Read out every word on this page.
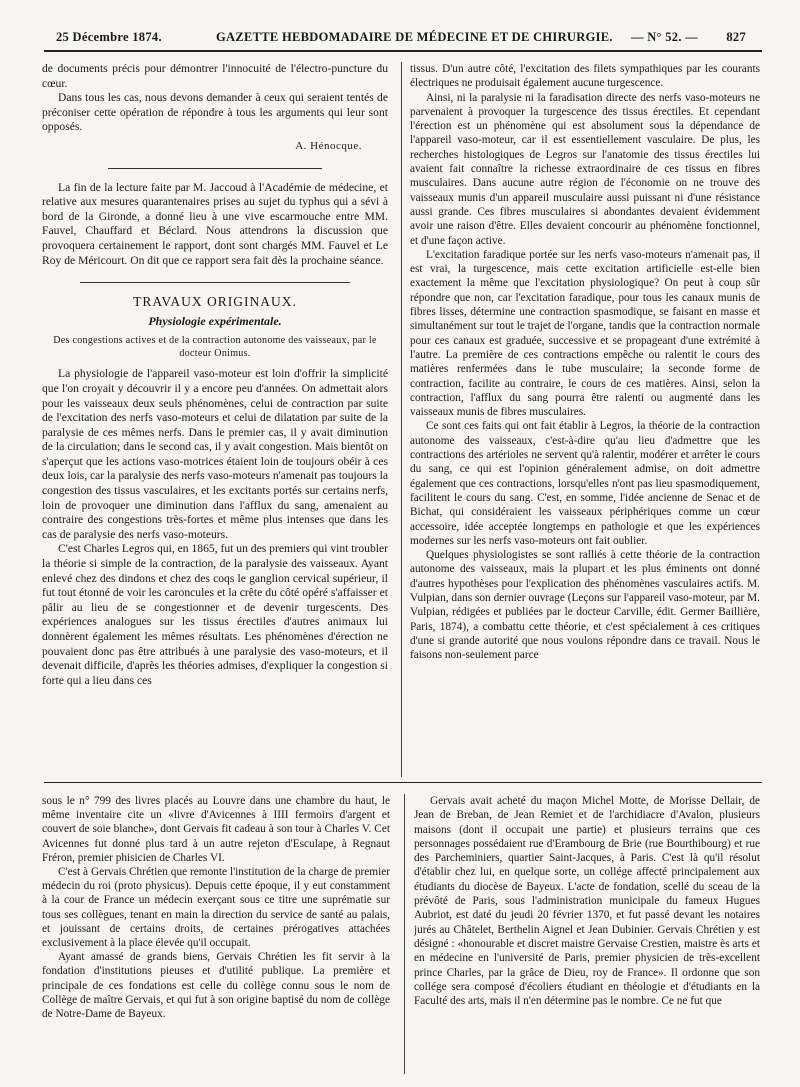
25 Décembre 1874.	GAZETTE HEBDOMADAIRE DE MÉDECINE ET DE CHIRURGIE. — N° 52. — 827

de documents précis pour démontrer l'innocuité de l'électro-puncture du cœur.

Dans tous les cas, nous devons demander à ceux qui seraient tentés de préconiser cette opération de répondre à tous les arguments qui leur sont opposés.

A. Hénocque.

La fin de la lecture faite par M. Jaccoud à l'Académie de médecine, et relative aux mesures quarantenaires prises au sujet du typhus qui a sévi à bord de la Gironde, a donné lieu à une vive escarmouche entre MM. Fauvel, Chauffard et Béclard. Nous attendrons la discussion que provoquera certainement le rapport, dont sont chargés MM. Fauvel et Le Roy de Méricourt. On dit que ce rapport sera fait dès la prochaine séance.

TRAVAUX ORIGINAUX.
Physiologie expérimentale.
Des congestions actives et de la contraction autonome des vaisseaux, par le docteur Onimus.

La physiologie de l'appareil vaso-moteur est loin d'offrir la simplicité que l'on croyait y découvrir il y a encore peu d'années. On admettait alors pour les vaisseaux deux seuls phénomènes, celui de contraction par suite de l'excitation des nerfs vaso-moteurs et celui de dilatation par suite de la paralysie de ces mêmes nerfs. Dans le premier cas, il y avait diminution de la circulation; dans le second cas, il y avait congestion. Mais bientôt on s'aperçut que les actions vaso-motrices étaient loin de toujours obéir à ces deux lois, car la paralysie des nerfs vaso-moteurs n'amenait pas toujours la congestion des tissus vasculaires, et les excitants portés sur certains nerfs, loin de provoquer une diminution dans l'afflux du sang, amenaient au contraire des congestions très-fortes et même plus intenses que dans les cas de paralysie des nerfs vaso-moteurs.

C'est Charles Legros qui, en 1865, fut un des premiers qui vint troubler la théorie si simple de la contraction, de la paralysie des vaisseaux. Ayant enlevé chez des dindons et chez des coqs le ganglion cervical supérieur, il fut tout étonné de voir les caroncules et la crête du côté opéré s'affaisser et pâlir au lieu de se congestionner et de devenir turgescents. Des expériences analogues sur les tissus érectiles d'autres animaux lui donnèrent également les mêmes résultats. Les phénomènes d'érection ne pouvaient donc pas être attribués à une paralysie des vaso-moteurs, et il devenait difficile, d'après les théories admises, d'expliquer la congestion si forte qui a lieu dans ces

tissus. D'un autre côté, l'excitation des filets sympathiques par les courants électriques ne produisait également aucune turgescence.

Ainsi, ni la paralysie ni la faradisation directe des nerfs vaso-moteurs ne parvenaient à provoquer la turgescence des tissus érectiles. Et cependant l'érection est un phénomène qui est absolument sous la dépendance de l'appareil vaso-moteur, car il est essentiellement vasculaire. De plus, les recherches histologiques de Legros sur l'anatomie des tissus érectiles lui avaient fait connaître la richesse extraordinaire de ces tissus en fibres musculaires. Dans aucune autre région de l'économie on ne trouve des vaisseaux munis d'un appareil musculaire aussi puissant ni d'une résistance aussi grande. Ces fibres musculaires si abondantes devaient évidemment avoir une raison d'être. Elles devaient concourir au phénomène fonctionnel, et d'une façon active.

L'excitation faradique portée sur les nerfs vaso-moteurs n'amenait pas, il est vrai, la turgescence, mais cette excitation artificielle est-elle bien exactement la même que l'excitation physiologique? On peut à coup sûr répondre que non, car l'excitation faradique, pour tous les canaux munis de fibres lisses, détermine une contraction spasmodique, se faisant en masse et simultanément sur tout le trajet de l'organe, tandis que la contraction normale pour ces canaux est graduée, successive et se propageant d'une extrémité à l'autre. La première de ces contractions empêche ou ralentit le cours des matières renfermées dans le tube musculaire; la seconde forme de contraction, facilite au contraire, le cours de ces matières. Ainsi, selon la contraction, l'afflux du sang pourra être ralenti ou augmenté dans les vaisseaux munis de fibres musculaires.

Ce sont ces faits qui ont fait établir à Legros, la théorie de la contraction autonome des vaisseaux, c'est-à-dire qu'au lieu d'admettre que les contractions des artérioles ne servent qu'à ralentir, modérer et arrêter le cours du sang, ce qui est l'opinion généralement admise, on doit admettre également que ces contractions, lorsqu'elles n'ont pas lieu spasmodiquement, facilitent le cours du sang. C'est, en somme, l'idée ancienne de Senac et de Bichat, qui considéraient les vaisseaux périphériques comme un cœur accessoire, idée acceptée longtemps en pathologie et que les expériences modernes sur les nerfs vaso-moteurs ont fait oublier.

Quelques physiologistes se sont ralliés à cette théorie de la contraction autonome des vaisseaux, mais la plupart et les plus éminents ont donné d'autres hypothèses pour l'explication des phénomènes vasculaires actifs. M. Vulpian, dans son dernier ouvrage (Leçons sur l'appareil vaso-moteur, par M. Vulpian, rédigées et publiées par le docteur Carville, édit. Germer Baillière, Paris, 1874), a combattu cette théorie, et c'est spécialement à ces critiques d'une si grande autorité que nous voulons répondre dans ce travail. Nous le faisons non-seulement parce

sous le n° 799 des livres placés au Louvre dans une chambre du haut, le même inventaire cite un «livre d'Avicennes à IIII fermoirs d'argent et couvert de soie blanche», dont Gervais fit cadeau à son tour à Charles V. Cet Avicennes fut donné plus tard à un autre rejeton d'Esculape, à Regnaut Fréron, premier phisicien de Charles VI.

C'est à Gervais Chrétien que remonte l'institution de la charge de premier médecin du roi (proto physicus). Depuis cette époque, il y eut constamment à la cour de France un médecin exerçant sous ce titre une suprématie sur tous ses collègues, tenant en main la direction du service de santé au palais, et jouissant de certains droits, de certaines prérogatives attachées exclusivement à la place élevée qu'il occupait.

Ayant amassé de grands biens, Gervais Chrétien les fit servir à la fondation d'institutions pieuses et d'utilité publique. La première et principale de ces fondations est celle du collège connu sous le nom de Collège de maître Gervais, et qui fut à son origine baptisé du nom de collège de Notre-Dame de Bayeux.

Gervais avait acheté du maçon Michel Motte, de Morisse Dellair, de Jean de Breban, de Jean Remiet et de l'archidiacre d'Avalon, plusieurs maisons (dont il occupait une partie) et plusieurs terrains que ces personnages possédaient rue d'Erambourg de Brie (rue Bourthibourg) et rue des Parcheminiers, quartier Saint-Jacques, à Paris. C'est là qu'il résolut d'établir chez lui, en quelque sorte, un collége affecté principalement aux étudiants du diocèse de Bayeux. L'acte de fondation, scellé du sceau de la prévôté de Paris, sous l'administration municipale du fameux Hugues Aubriot, est daté du jeudi 20 février 1370, et fut passé devant les notaires jurés au Châtelet, Berthelin Aignel et Jean Dubinier. Gervais Chrétien y est désigné : «honourable et discret maistre Gervaise Crestien, maistre ès arts et en médecine en l'université de Paris, premier physicien de très-excellent prince Charles, par la grâce de Dieu, roy de France». Il ordonne que son collége sera composé d'écoliers étudiant en théologie et d'étudiants en la Faculté des arts, mais il n'en détermine pas le nombre. Ce ne fut que
